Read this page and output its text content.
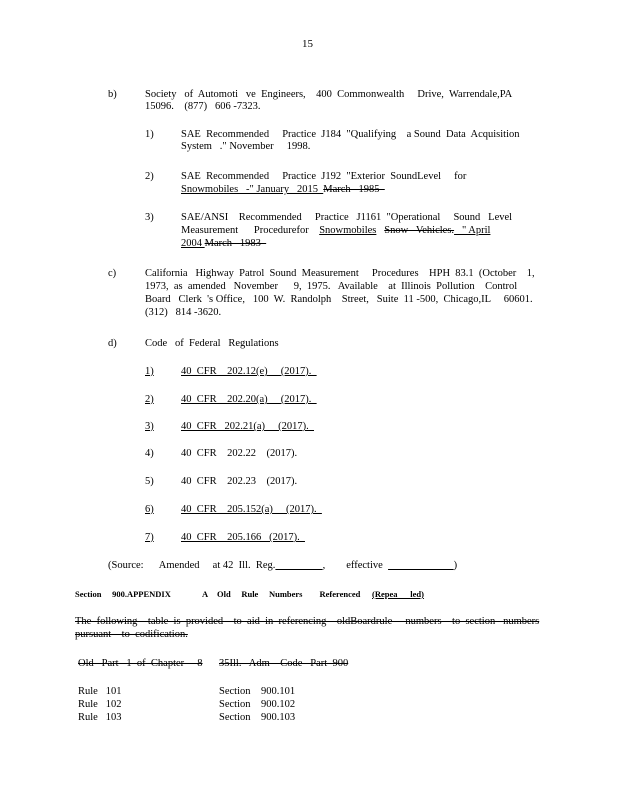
15
b)	Society   of  Automoti   ve  Engineers,    400  Commonwealth     Drive,  Warrendale,PA
15096.    (877)   606 -7323.
1)	SAE  Recommended     Practice  J184  "Qualifying    a Sound  Data  Acquisition
System   ." November     1998.
2)	SAE  Recommended     Practice  J192  "Exterior  SoundLevel     for
Snowmobiles   -" January   2015  March   1985
3)	SAE/ANSI    Recommended     Practice   J1161  "Operational     Sound   Level
Measurement      Procedurefor    Snowmobiles Snow   Vehicles.   " April
2004 March   1983
c)	California   Highway  Patrol  Sound  Measurement     Procedures    HPH  83.1  (October    1,
1973,  as  amended   November      9,  1975.   Available    at  Illinois  Pollution    Control
Board   Clerk  's Office,   100  W.  Randolph    Street,   Suite  11 -500,  Chicago,IL     60601.
(312)   814 -3620.
d)	Code   of  Federal   Regulations
1)	40  CFR    202.12(e)     (2017).
2)	40  CFR    202.20(a)     (2017).
3)	40  CFR   202.21(a)     (2017).
4)	40  CFR    202.22    (2017).
5)	40  CFR    202.23    (2017).
6)	40  CFR    205.152(a)     (2017).
7)	40  CFR    205.166   (2017).
(Source:      Amended     at 42  Ill.  Reg.	,        effective	)
Section     900.APPENDIX	A Old     Rule     Numbers        Referenced (Repea      led)
The  following    table  is  provided    to  aid  in  referencing    oldBoardrule     numbers    to  section   numbers
pursuant    to  codification.
Old   Part   1  of  Chapter     8 35Ill.   Adm    Code   Part  900
Rule   101	Section    900.101
Rule   102	Section    900.102
Rule   103	Section    900.103
